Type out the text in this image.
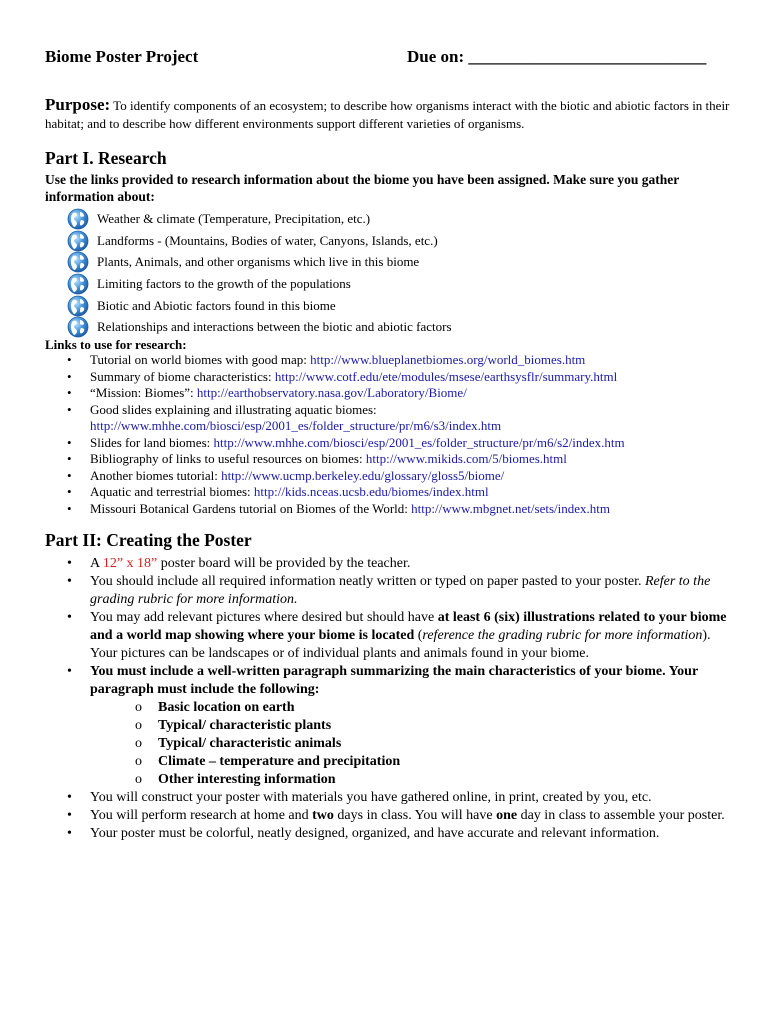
Biome Poster Project	Due on: ____________________________
Purpose: To identify components of an ecosystem; to describe how organisms interact with the biotic and abiotic factors in their habitat; and to describe how different environments support different varieties of organisms.
Part I. Research
Use the links provided to research information about the biome you have been assigned. Make sure you gather information about:
Weather & climate (Temperature, Precipitation, etc.)
Landforms - (Mountains, Bodies of water, Canyons, Islands, etc.)
Plants, Animals, and other organisms which live in this biome
Limiting factors to the growth of the populations
Biotic and Abiotic factors found in this biome
Relationships and interactions between the biotic and abiotic factors
Links to use for research:
• Tutorial on world biomes with good map: http://www.blueplanetbiomes.org/world_biomes.htm
• Summary of biome characteristics: http://www.cotf.edu/ete/modules/msese/earthsysflr/summary.html
• “Mission: Biomes”: http://earthobservatory.nasa.gov/Laboratory/Biome/
• Good slides explaining and illustrating aquatic biomes:
http://www.mhhe.com/biosci/esp/2001_es/folder_structure/pr/m6/s3/index.htm
• Slides for land biomes: http://www.mhhe.com/biosci/esp/2001_es/folder_structure/pr/m6/s2/index.htm
• Bibliography of links to useful resources on biomes: http://www.mikids.com/5/biomes.html
• Another biomes tutorial: http://www.ucmp.berkeley.edu/glossary/gloss5/biome/
• Aquatic and terrestrial biomes: http://kids.nceas.ucsb.edu/biomes/index.html
• Missouri Botanical Gardens tutorial on Biomes of the World: http://www.mbgnet.net/sets/index.htm
Part II: Creating the Poster
• A 12” x 18” poster board will be provided by the teacher.
• You should include all required information neatly written or typed on paper pasted to your poster. Refer to the grading rubric for more information.
• You may add relevant pictures where desired but should have at least 6 (six) illustrations related to your biome and a world map showing where your biome is located (reference the grading rubric for more information). Your pictures can be landscapes or of individual plants and animals found in your biome.
• You must include a well-written paragraph summarizing the main characteristics of your biome. Your paragraph must include the following:
o Basic location on earth
o Typical/ characteristic plants
o Typical/ characteristic animals
o Climate – temperature and precipitation
o Other interesting information
• You will construct your poster with materials you have gathered online, in print, created by you, etc.
• You will perform research at home and two days in class. You will have one day in class to assemble your poster.
• Your poster must be colorful, neatly designed, organized, and have accurate and relevant information.
